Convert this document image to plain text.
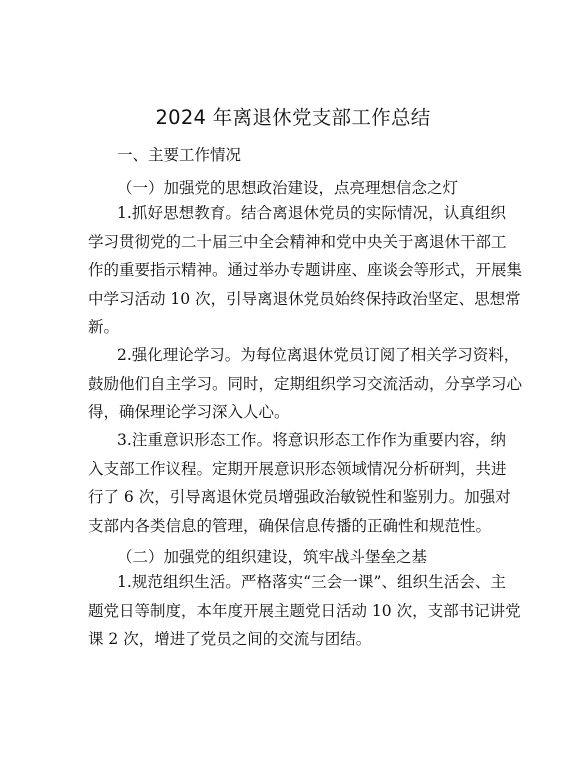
2024 年离退休党支部工作总结
一、主要工作情况
（一）加强党的思想政治建设，点亮理想信念之灯
1.抓好思想教育。结合离退休党员的实际情况，认真组织
学习贯彻党的二十届三中全会精神和党中央关于离退休干部工
作的重要指示精神。通过举办专题讲座、座谈会等形式，开展集
中学习活动 10 次，引导离退休党员始终保持政治坚定、思想常
新。
2.强化理论学习。为每位离退休党员订阅了相关学习资料，
鼓励他们自主学习。同时，定期组织学习交流活动，分享学习心
得，确保理论学习深入人心。
3.注重意识形态工作。将意识形态工作作为重要内容，纳
入支部工作议程。定期开展意识形态领域情况分析研判，共进
行了 6 次，引导离退休党员增强政治敏锐性和鉴别力。加强对
支部内各类信息的管理，确保信息传播的正确性和规范性。
（二）加强党的组织建设，筑牢战斗堡垒之基
1.规范组织生活。严格落实“三会一课”、组织生活会、主
题党日等制度，本年度开展主题党日活动 10 次，支部书记讲党
课 2 次，增进了党员之间的交流与团结。
